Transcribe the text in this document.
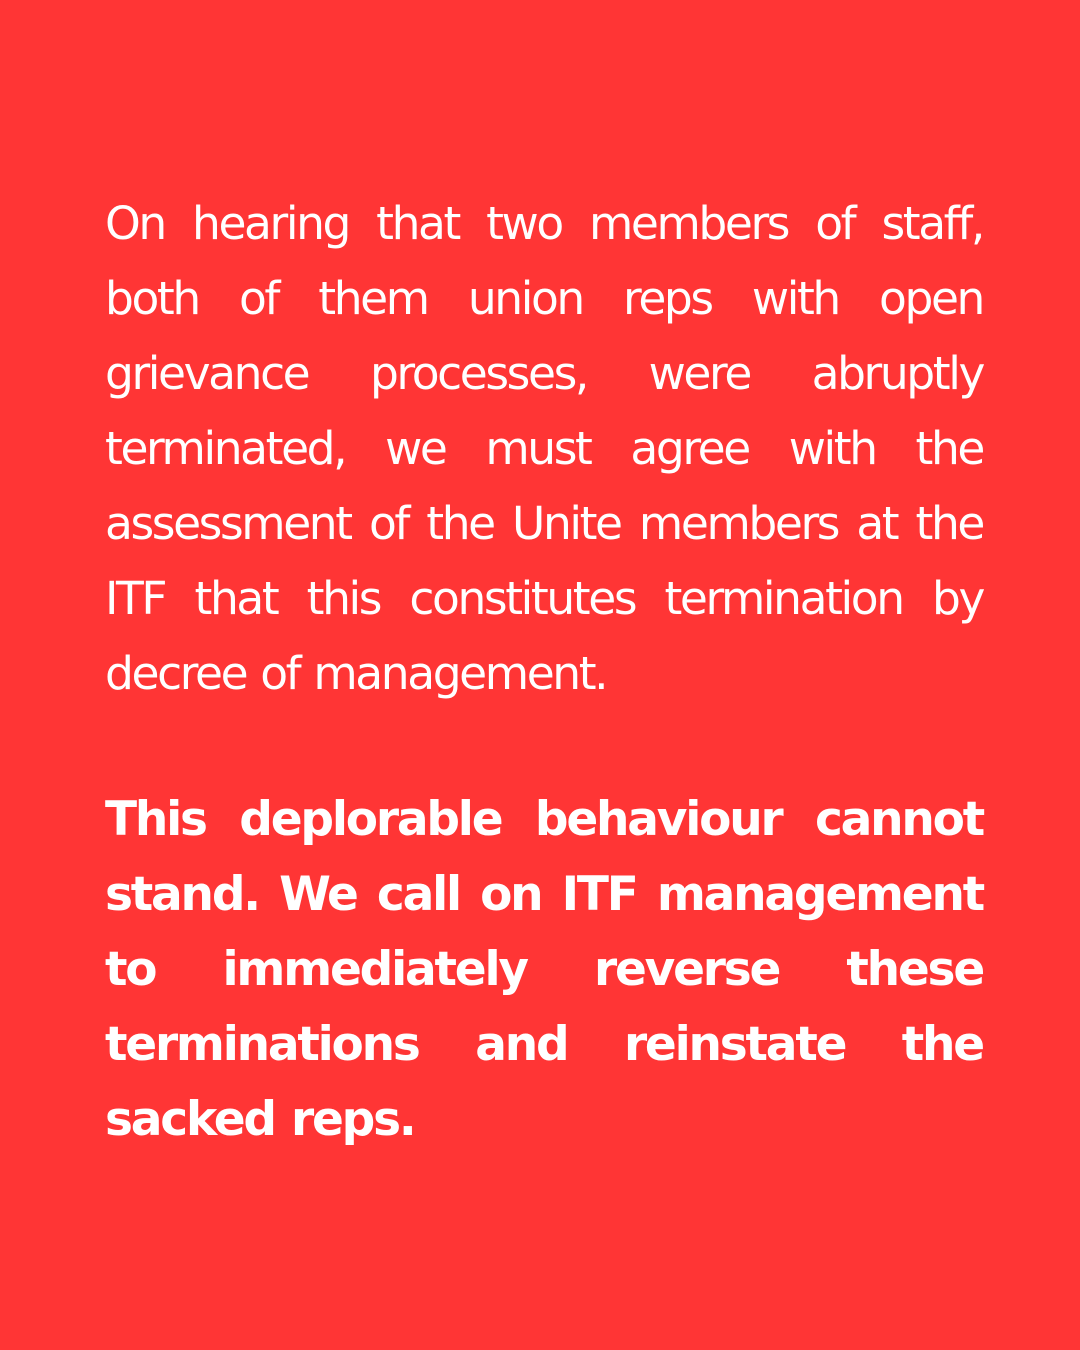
On hearing that two members of staff, both of them union reps with open grievance processes, were abruptly terminated, we must agree with the assessment of the Unite members at the ITF that this constitutes termination by decree of management.

This deplorable behaviour cannot stand. We call on ITF management to immediately reverse these terminations and reinstate the sacked reps.
